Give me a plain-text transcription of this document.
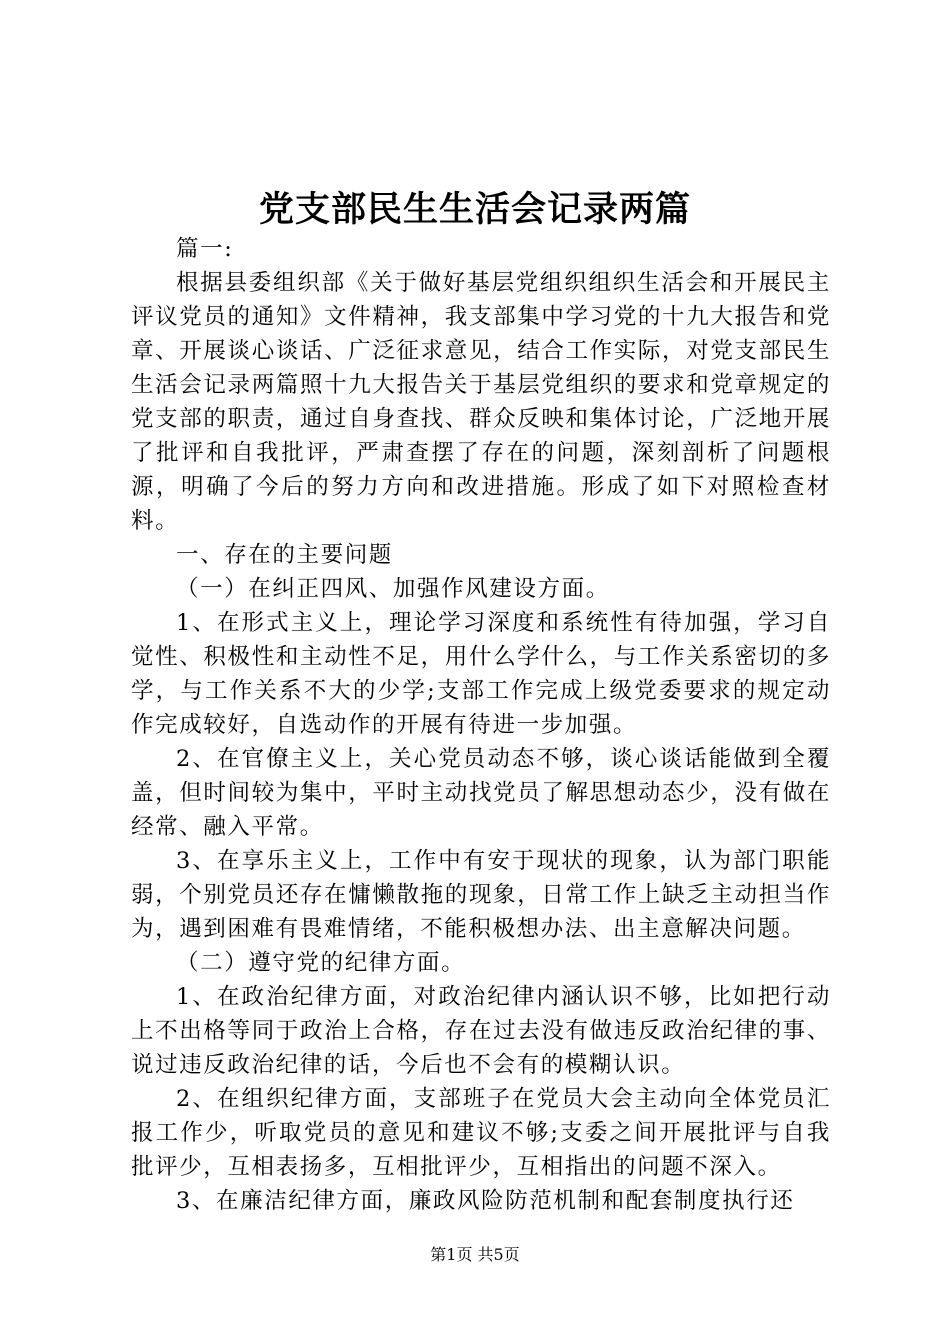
党支部民生生活会记录两篇

篇一:

根据县委组织部《关于做好基层党组织组织生活会和开展民主评议党员的通知》文件精神，我支部集中学习党的十九大报告和党章、开展谈心谈话、广泛征求意见，结合工作实际，对党支部民生生活会记录两篇照十九大报告关于基层党组织的要求和党章规定的党支部的职责，通过自身查找、群众反映和集体讨论，广泛地开展了批评和自我批评，严肃查摆了存在的问题，深刻剖析了问题根源，明确了今后的努力方向和改进措施。形成了如下对照检查材料。

一、存在的主要问题

（一）在纠正四风、加强作风建设方面。

1、在形式主义上，理论学习深度和系统性有待加强，学习自觉性、积极性和主动性不足，用什么学什么，与工作关系密切的多学，与工作关系不大的少学;支部工作完成上级党委要求的规定动作完成较好，自选动作的开展有待进一步加强。

2、在官僚主义上，关心党员动态不够，谈心谈话能做到全覆盖，但时间较为集中，平时主动找党员了解思想动态少，没有做在经常、融入平常。

3、在享乐主义上，工作中有安于现状的现象，认为部门职能弱，个别党员还存在慵懒散拖的现象，日常工作上缺乏主动担当作为，遇到困难有畏难情绪，不能积极想办法、出主意解决问题。

（二）遵守党的纪律方面。

1、在政治纪律方面，对政治纪律内涵认识不够，比如把行动上不出格等同于政治上合格，存在过去没有做违反政治纪律的事、说过违反政治纪律的话，今后也不会有的模糊认识。

2、在组织纪律方面，支部班子在党员大会主动向全体党员汇报工作少，听取党员的意见和建议不够;支委之间开展批评与自我批评少，互相表扬多，互相批评少，互相指出的问题不深入。

3、在廉洁纪律方面，廉政风险防范机制和配套制度执行还

第1页 共5页
